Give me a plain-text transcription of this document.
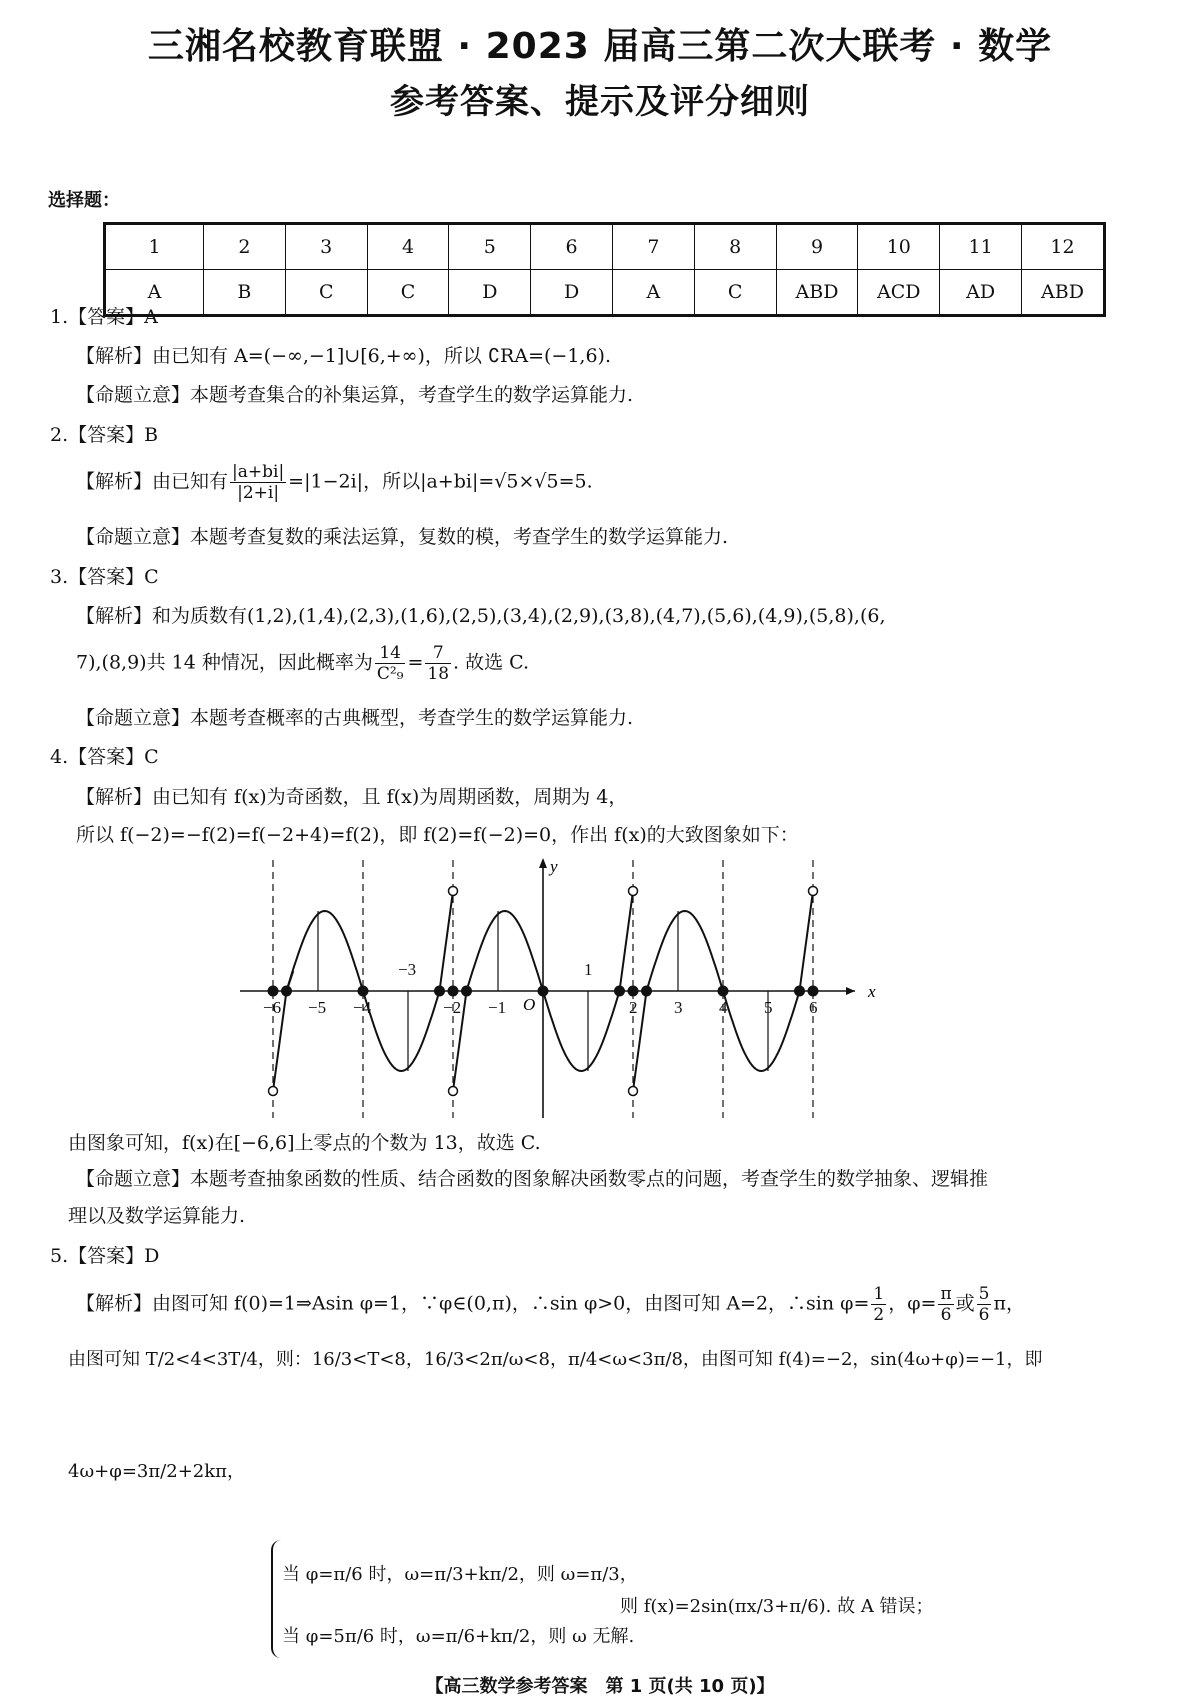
三湘名校教育联盟 · 2023 届高三第二次大联考 · 数学
参考答案、提示及评分细则
选择题：
1	2	3	4	5	6	7	8	9	10	11	12
A	B	C	C	D	D	A	C	ABD	ACD	AD	ABD
1.【答案】A
【解析】由已知有 A=(−∞,−1]∪[6,+∞)，所以 ∁RA=(−1,6).
【命题立意】本题考查集合的补集运算，考查学生的数学运算能力.
2.【答案】B
【解析】由已知有 $\frac{|a+bi|}{|2+i|} =|1-2i|$，所以|a+bi|=√5×√5=5.
【命题立意】本题考查复数的乘法运算，复数的模，考查学生的数学运算能力.
3.【答案】C
【解析】和为质数有(1,2),(1,4),(2,3),(1,6),(2,5),(3,4),(2,9),(3,8),(4,7),(5,6),(4,9),(5,8),(6,
7),(8,9)共 14 种情况，因此概率为 $\frac{14}{\text{C²₉}} = \frac{7}{18}$ . 故选 C.
【命题立意】本题考查概率的古典概型，考查学生的数学运算能力.
4.【答案】C
【解析】由已知有 f(x)为奇函数，且 f(x)为周期函数，周期为 4，
所以 f(−2)=−f(2)=f(−2+4)=f(2)，即 f(2)=f(−2)=0，作出 f(x)的大致图象如下：
−6 −5 −4
−3
−2 −1
1
2 3 4 5 6
x
y
O
由图象可知，f(x)在[−6,6]上零点的个数为 13，故选 C.
【命题立意】本题考查抽象函数的性质、结合函数的图象解决函数零点的问题，考查学生的数学抽象、逻辑推
理以及数学运算能力.
5.【答案】D
【解析】由图可知 f(0)=1⇒Asin φ=1，∵φ∈(0,π)，∴sin φ>0，由图可知 A=2，∴sin $\varphi= \frac{1}{2}$ ，$\varphi= \frac{\pi}{6}$ 或 $\frac{5}{6}$ π，
由图可知 T/2<4<3T/4，则：16/3<T<8，16/3<2π/ω<8，π/4<ω<3π/8，由图可知 f(4)=−2，sin(4ω+φ)=−1，即
4ω+φ=3π/2+2kπ，
当 φ=π/6 时，ω=π/3+kπ/2，则 ω=π/3，
当 φ=5π/6 时，ω=π/6+kπ/2，则 ω 无解.
则 f(x)=2sin(πx/3+π/6). 故 A 错误；
【高三数学参考答案　第 1 页(共 10 页)】
